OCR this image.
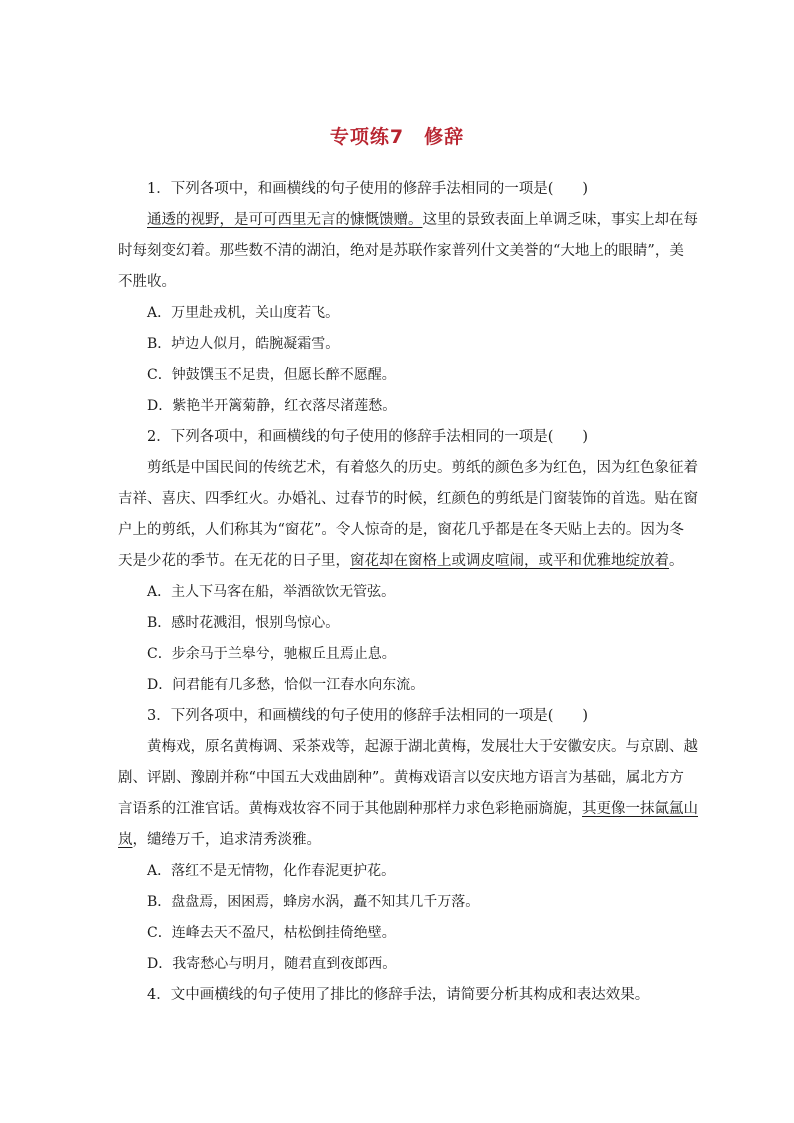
专项练7　修辞
1．下列各项中，和画横线的句子使用的修辞手法相同的一项是(　　)
通透的视野，是可可西里无言的慷慨馈赠。这里的景致表面上单调乏味，事实上却在每
时每刻变幻着。那些数不清的湖泊，绝对是苏联作家普列什文美誉的“大地上的眼睛”，美
不胜收。
A．万里赴戎机，关山度若飞。
B．垆边人似月，皓腕凝霜雪。
C．钟鼓馔玉不足贵，但愿长醉不愿醒。
D．紫艳半开篱菊静，红衣落尽渚莲愁。
2．下列各项中，和画横线的句子使用的修辞手法相同的一项是(　　)
剪纸是中国民间的传统艺术，有着悠久的历史。剪纸的颜色多为红色，因为红色象征着
吉祥、喜庆、四季红火。办婚礼、过春节的时候，红颜色的剪纸是门窗装饰的首选。贴在窗
户上的剪纸，人们称其为“窗花”。令人惊奇的是，窗花几乎都是在冬天贴上去的。因为冬
天是少花的季节。在无花的日子里，窗花却在窗格上或调皮喧闹，或平和优雅地绽放着。
A．主人下马客在船，举酒欲饮无管弦。
B．感时花溅泪，恨别鸟惊心。
C．步余马于兰皋兮，驰椒丘且焉止息。
D．问君能有几多愁，恰似一江春水向东流。
3．下列各项中，和画横线的句子使用的修辞手法相同的一项是(　　)
黄梅戏，原名黄梅调、采茶戏等，起源于湖北黄梅，发展壮大于安徽安庆。与京剧、越
剧、评剧、豫剧并称“中国五大戏曲剧种”。黄梅戏语言以安庆地方语言为基础，属北方方
言语系的江淮官话。黄梅戏妆容不同于其他剧种那样力求色彩艳丽旖旎，其更像一抹氤氲山
岚，缱绻万千，追求清秀淡雅。
A．落红不是无情物，化作春泥更护花。
B．盘盘焉，困困焉，蜂房水涡，矗不知其几千万落。
C．连峰去天不盈尺，枯松倒挂倚绝壁。
D．我寄愁心与明月，随君直到夜郎西。
4．文中画横线的句子使用了排比的修辞手法，请简要分析其构成和表达效果。
